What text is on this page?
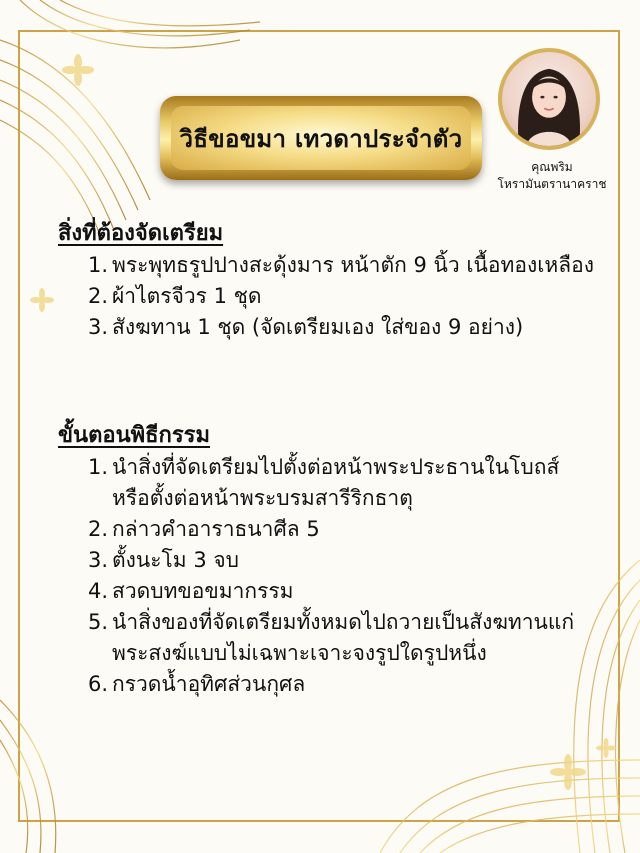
วิธีขอขมา เทวดาประจำตัว
คุณพริม
โหรามันตรานาคราช
สิ่งที่ต้องจัดเตรียม
1. พระพุทธรูปปางสะดุ้งมาร หน้าตัก 9 นิ้ว เนื้อทองเหลือง
2. ผ้าไตรจีวร 1 ชุด
3. สังฆทาน 1 ชุด (จัดเตรียมเอง ใส่ของ 9 อย่าง)
ขั้นตอนพิธีกรรม
1. นำสิ่งที่จัดเตรียมไปตั้งต่อหน้าพระประธานในโบถส์ หรือตั้งต่อหน้าพระบรมสารีริกธาตุ
2. กล่าวคำอาราธนาศีล 5
3. ตั้งนะโม 3 จบ
4. สวดบทขอขมากรรม
5. นำสิ่งของที่จัดเตรียมทั้งหมดไปถวายเป็นสังฆทานแก่พระสงฆ์แบบไม่เฉพาะเจาะจงรูปใดรูปหนึ่ง
6. กรวดน้ำอุทิศส่วนกุศล
